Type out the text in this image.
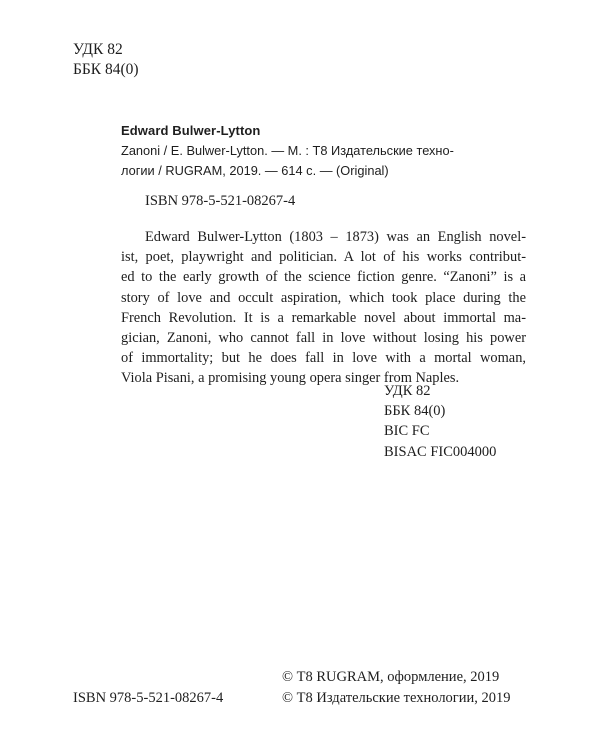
УДК 82
ББК 84(0)
Edward Bulwer-Lytton
Zanoni / E. Bulwer-Lytton. — М. : Т8 Издательские техно-
логии / RUGRAM, 2019. — 614 с. — (Original)
ISBN 978-5-521-08267-4
Edward Bulwer-Lytton (1803 – 1873) was an English novel-
ist, poet, playwright and politician. A lot of his works contribut-
ed to the early growth of the science fiction genre. “Zanoni” is a
story of love and occult aspiration, which took place during the
French Revolution. It is a remarkable novel about immortal ma-
gician, Zanoni, who cannot fall in love without losing his power
of immortality; but he does fall in love with a mortal woman,
Viola Pisani, a promising young opera singer from Naples.
УДК 82
ББК 84(0)
BIC FC
BISAC FIC004000
© Т8 RUGRAM, оформление, 2019
© Т8 Издательские технологии, 2019
ISBN 978-5-521-08267-4
